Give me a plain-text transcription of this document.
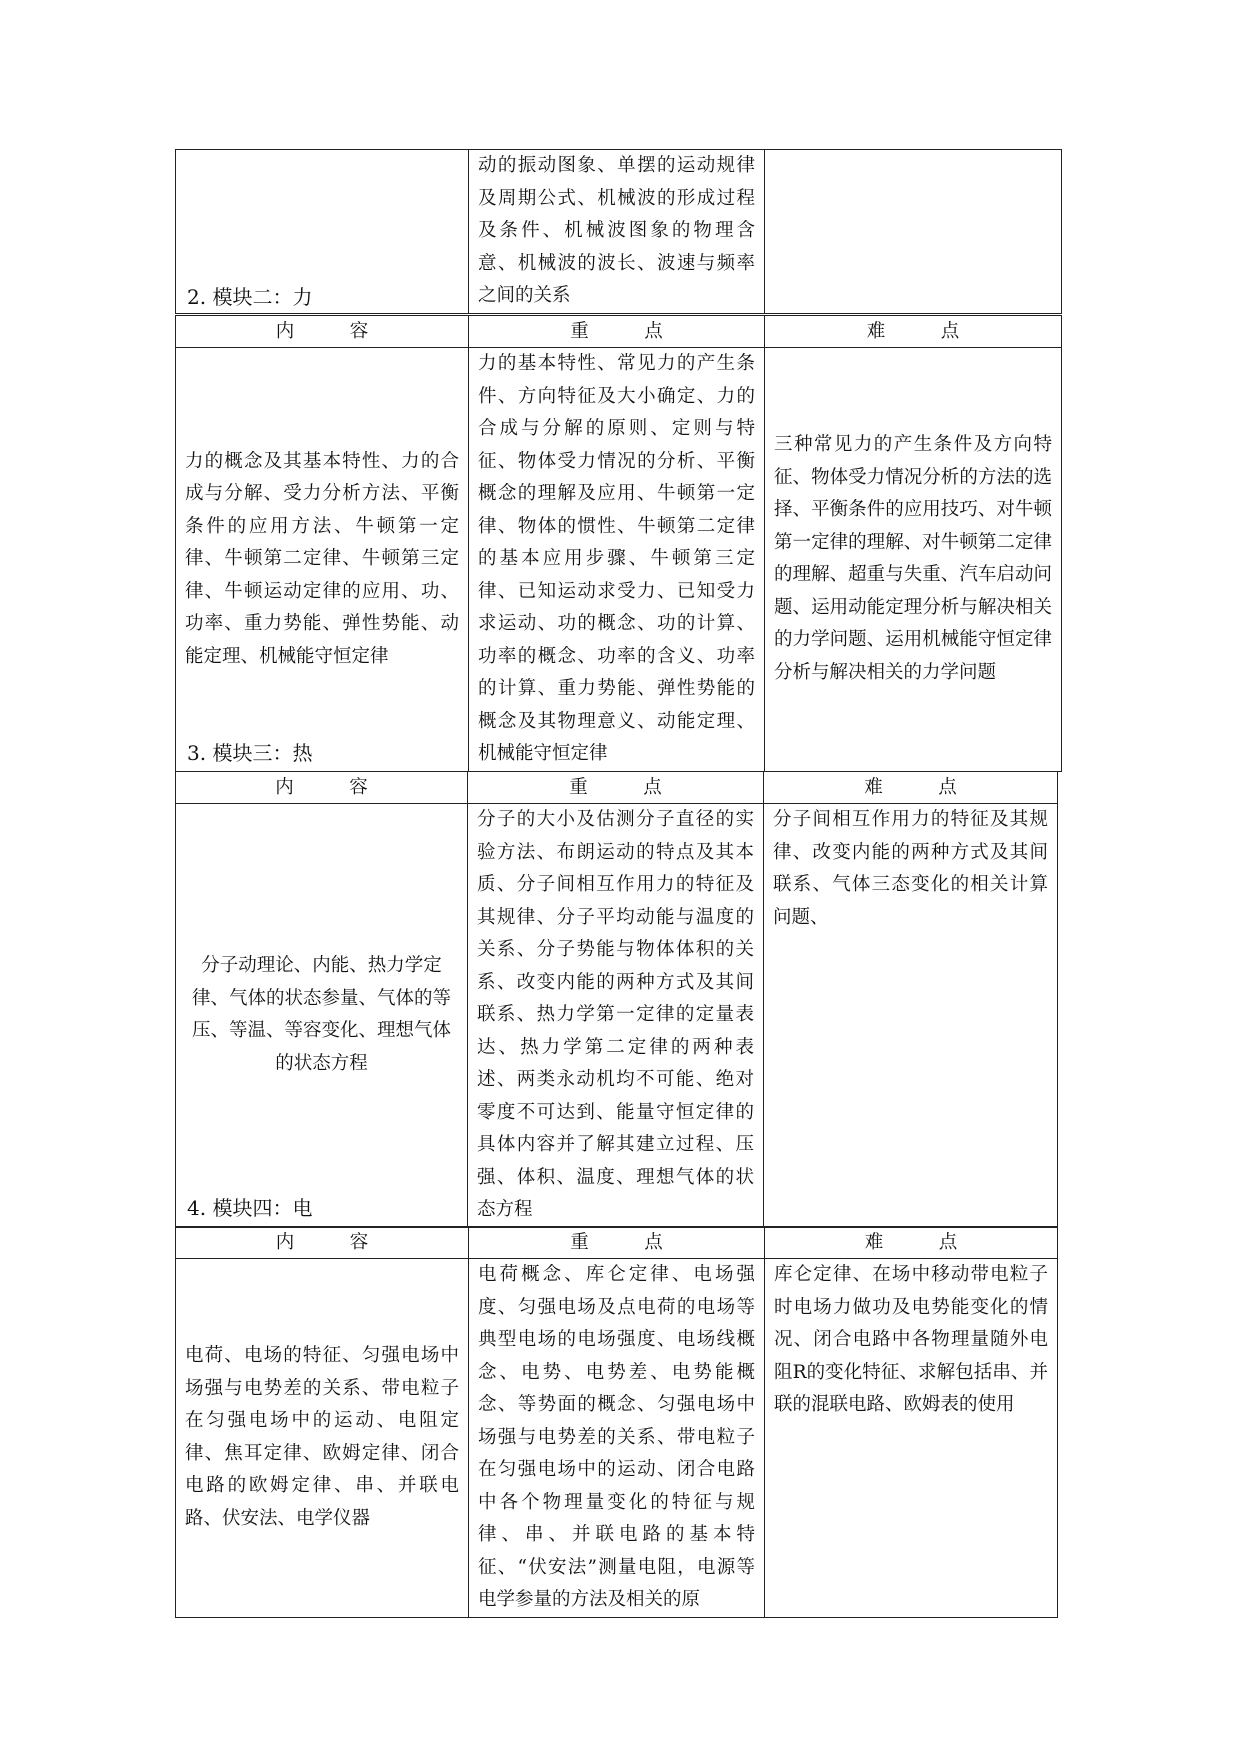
动的振动图象、单摆的运动规律及周期公式、机械波的形成过程及条件、机械波图象的物理含意、机械波的波长、波速与频率之间的关系

2. 模块二：力
内　　　容	重　　　点	难　　　点

力的概念及其基本特性、力的合成与分解、受力分析方法、平衡条件的应用方法、牛顿第一定律、牛顿第二定律、牛顿第三定律、牛顿运动定律的应用、功、功率、重力势能、弹性势能、动能定理、机械能守恒定律	力的基本特性、常见力的产生条件、方向特征及大小确定、力的合成与分解的原则、定则与特征、物体受力情况的分析、平衡概念的理解及应用、牛顿第一定律、物体的惯性、牛顿第二定律的基本应用步骤、牛顿第三定律、已知运动求受力、已知受力求运动、功的概念、功的计算、功率的概念、功率的含义、功率的计算、重力势能、弹性势能的概念及其物理意义、动能定理、机械能守恒定律	三种常见力的产生条件及方向特征、物体受力情况分析的方法的选择、平衡条件的应用技巧、对牛顿第一定律的理解、对牛顿第二定律的理解、超重与失重、汽车启动问题、运用动能定理分析与解决相关的力学问题、运用机械能守恒定律分析与解决相关的力学问题
3. 模块三：热
内　　　容	重　　　点	难　　　点

分子动理论、内能、热力学定律、气体的状态参量、气体的等压、等温、等容变化、理想气体的状态方程	分子的大小及估测分子直径的实验方法、布朗运动的特点及其本质、分子间相互作用力的特征及其规律、分子平均动能与温度的关系、分子势能与物体体积的关系、改变内能的两种方式及其间联系、热力学第一定律的定量表达、热力学第二定律的两种表述、两类永动机均不可能、绝对零度不可达到、能量守恒定律的具体内容并了解其建立过程、压强、体积、温度、理想气体的状态方程	分子间相互作用力的特征及其规律、改变内能的两种方式及其间联系、气体三态变化的相关计算问题、
4. 模块四：电
内　　　容	重　　　点	难　　　点

电荷、电场的特征、匀强电场中场强与电势差的关系、带电粒子在匀强电场中的运动、电阻定律、焦耳定律、欧姆定律、闭合电路的欧姆定律、串、并联电路、伏安法、电学仪器	电荷概念、库仑定律、电场强度、匀强电场及点电荷的电场等典型电场的电场强度、电场线概念、电势、电势差、电势能概念、等势面的概念、匀强电场中场强与电势差的关系、带电粒子在匀强电场中的运动、闭合电路中各个物理量变化的特征与规律、串、并联电路的基本特征、“伏安法”测量电阻，电源等电学参量的方法及相关的原	库仑定律、在场中移动带电粒子时电场力做功及电势能变化的情况、闭合电路中各物理量随外电阻R的变化特征、求解包括串、并联的混联电路、欧姆表的使用
